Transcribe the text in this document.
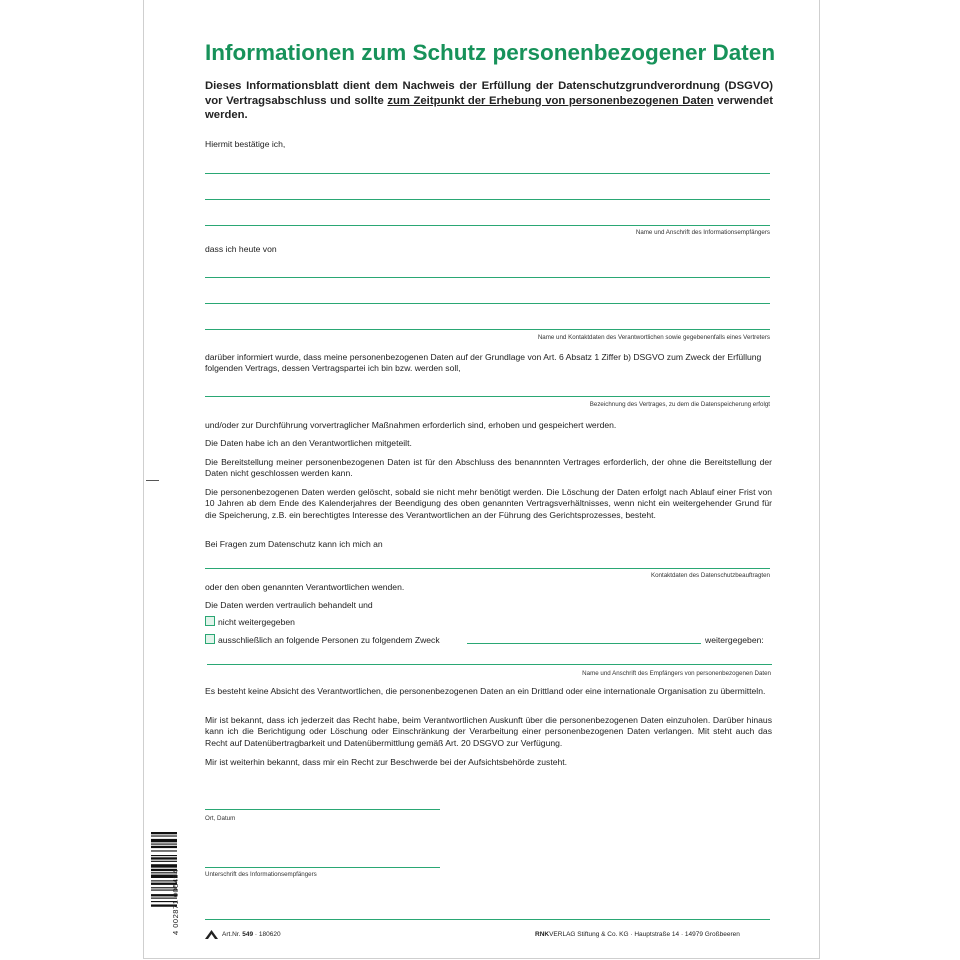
Informationen zum Schutz personenbezogener Daten
Dieses Informationsblatt dient dem Nachweis der Erfüllung der Datenschutzgrundverordnung (DSGVO) vor Vertragsabschluss und sollte zum Zeitpunkt der Erhebung von personenbezogenen Daten verwendet werden.
Hiermit bestätige ich,
Name und Anschrift des Informationsempfängers
dass ich heute von
Name und Kontaktdaten des Verantwortlichen sowie gegebenenfalls eines Vertreters
darüber informiert wurde, dass meine personenbezogenen Daten auf der Grundlage von Art. 6 Absatz 1 Ziffer b) DSGVO zum Zweck der Erfüllung folgenden Vertrags, dessen Vertragspartei ich bin bzw. werden soll,
Bezeichnung des Vertrages, zu dem die Datenspeicherung erfolgt
und/oder zur Durchführung vorvertraglicher Maßnahmen erforderlich sind, erhoben und gespeichert werden.
Die Daten habe ich an den Verantwortlichen mitgeteilt.
Die Bereitstellung meiner personenbezogenen Daten ist für den Abschluss des benannnten Vertrages erforderlich, der ohne die Bereitstellung der Daten nicht geschlossen werden kann.
Die personenbezogenen Daten werden gelöscht, sobald sie nicht mehr benötigt werden. Die Löschung der Daten erfolgt nach Ablauf einer Frist von 10 Jahren ab dem Ende des Kalenderjahres der Beendigung des oben genannten Vertragsverhältnisses, wenn nicht ein weitergehender Grund für die Speicherung, z.B. ein berechtigtes Interesse des Verantwortlichen an der Führung des Gerichtsprozesses, besteht.
Bei Fragen zum Datenschutz kann ich mich an
Kontaktdaten des Datenschutzbeauftragten
oder den oben genannten Verantwortlichen wenden.
Die Daten werden vertraulich behandelt und
nicht weitergegeben
ausschließlich an folgende Personen zu folgendem Zweck	weitergegeben:
Name und Anschrift des Empfängers von personenbezogenen Daten
Es besteht keine Absicht des Verantwortlichen, die personenbezogenen Daten an ein Drittland oder eine internationale Organisation zu übermitteln.
Mir ist bekannt, dass ich jederzeit das Recht habe, beim Verantwortlichen Auskunft über die personenbezogenen Daten einzuholen. Darüber hinaus kann ich die Berichtigung oder Löschung oder Einschränkung der Verarbeitung einer personenbezogenen Daten verlangen. Mit steht auch das Recht auf Datenübertragbarkeit und Datenübermittlung gemäß Art. 20 DSGVO zur Verfügung.
Mir ist weiterhin bekannt, dass mir ein Recht zur Beschwerde bei der Aufsichtsbehörde zusteht.
Ort, Datum
Unterschrift des Informationsempfängers
4 002871 005494	Art.Nr. 549 · 180620	RNKVERLAG Stiftung & Co. KG · Hauptstraße 14 · 14979 Großbeeren
